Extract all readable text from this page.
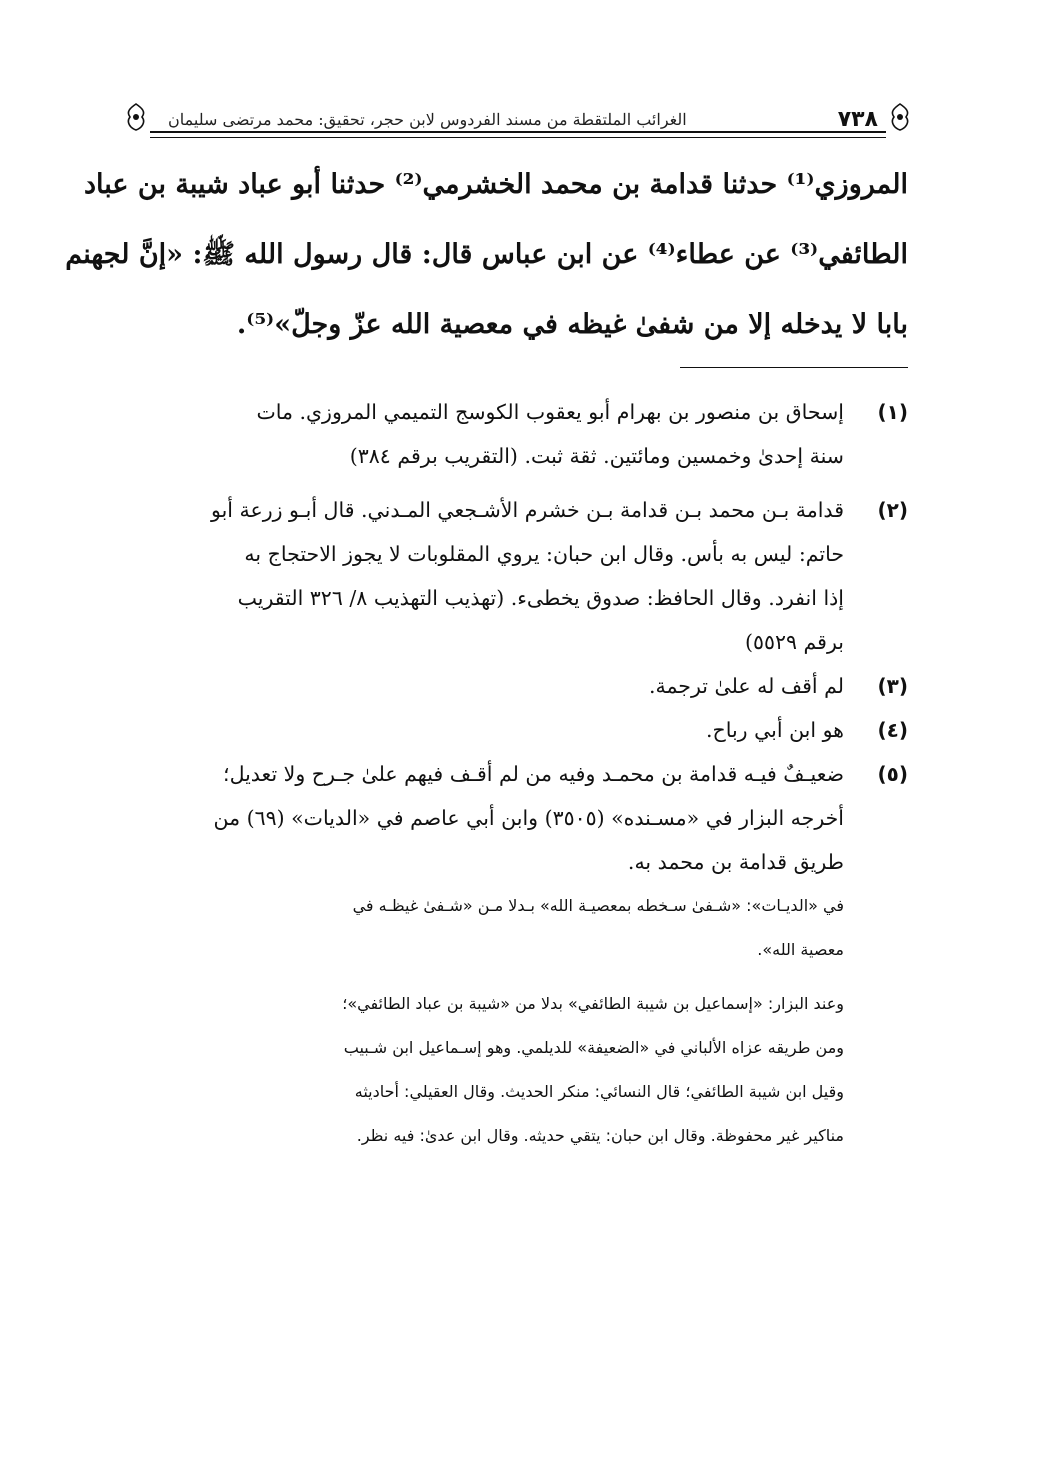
٧٣٨
الغرائب الملتقطة من مسند الفردوس لابن حجر، تحقيق: محمد مرتضى سليمان
المروزي⁽¹⁾ حدثنا قدامة بن محمد الخشرمي⁽²⁾ حدثنا أبو عباد شيبة بن عباد
الطائفي⁽³⁾ عن عطاء⁽⁴⁾ عن ابن عباس قال: قال رسول الله ﷺ: «إنَّ لجهنم
بابا لا يدخله إلا من شفىٰ غيظه في معصية الله عزّ وجلّ»⁽⁵⁾.
(١)
إسحاق بن منصور بن بهرام أبو يعقوب الكوسج التميمي المروزي. مات
سنة إحدىٰ وخمسين ومائتين. ثقة ثبت. (التقريب برقم ٣٨٤)
(٢)
قدامة بـن محمد بـن قدامة بـن خشرم الأشـجعي المـدني. قال أبـو زرعة أبو
حاتم: ليس به بأس. وقال ابن حبان: يروي المقلوبات لا يجوز الاحتجاج به
إذا انفرد. وقال الحافظ: صدوق يخطىء. (تهذيب التهذيب ٨/ ٣٢٦ التقريب
برقم ٥٥٢٩)
(٣)
لم أقف له علىٰ ترجمة.
(٤)
هو ابن أبي رباح.
(٥)
ضعيـفٌ فيـه قدامة بن محمـد وفيه من لم أقـف فيهم علىٰ جـرح ولا تعديل؛
أخرجه البزار في «مسـنده» (٣٥٠٥) وابن أبي عاصم في «الديات» (٦٩) من
طريق قدامة بن محمد به.
في «الديـات»: «شـفىٰ سـخطه بمعصيـة الله» بـدلا مـن «شـفىٰ غيظـه في
معصية الله».
وعند البزار: «إسماعيل بن شيبة الطائفي» بدلا من «شيبة بن عباد الطائفي»؛
ومن طريقه عزاه الألباني في «الضعيفة» للديلمي. وهو إسـماعيل ابن شـبيب
وقيل ابن شيبة الطائفي؛ قال النسائي: منكر الحديث. وقال العقيلي: أحاديثه
مناكير غير محفوظة. وقال ابن حبان: يتقي حديثه. وقال ابن عدىٰ: فيه نظر.
